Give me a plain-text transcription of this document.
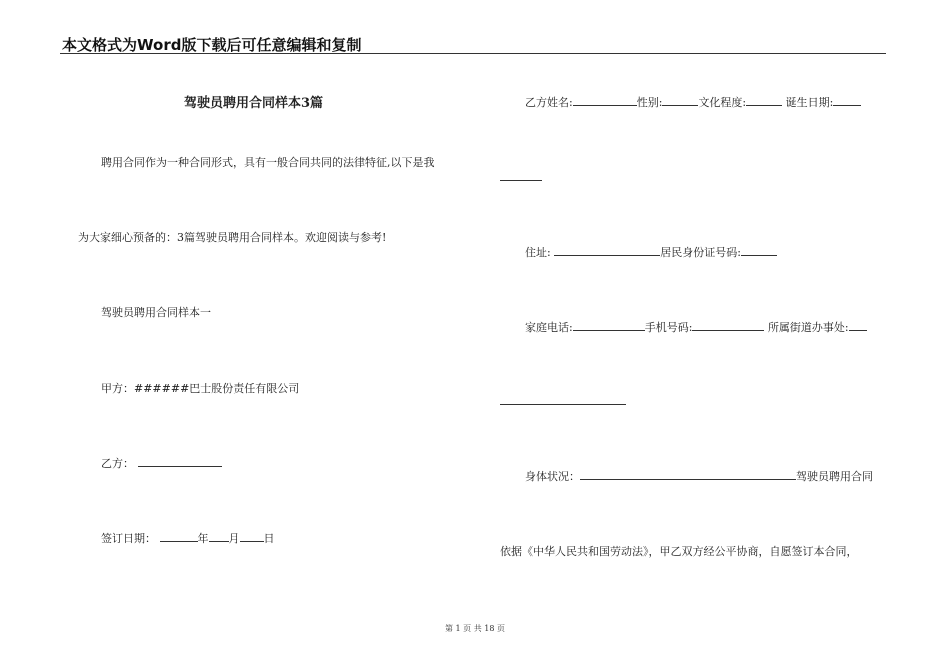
本文格式为Word版下载后可任意编辑和复制
驾驶员聘用合同样本3篇
聘用合同作为一种合同形式，具有一般合同共同的法律特征,以下是我
为大家细心预备的：3篇驾驶员聘用合同样本。欢迎阅读与参考!
驾驶员聘用合同样本一
甲方：######巴士股份责任有限公司
乙方：
签订日期：	年 月 日
乙方姓名:	性别:	文化程度:	诞生日期:
住址:	居民身份证号码:
家庭电话:	手机号码:	所属街道办事处:
身体状况：	驾驶员聘用合同
依据《中华人民共和国劳动法》，甲乙双方经公平协商，自愿签订本合同，
第 1 页 共 18 页
